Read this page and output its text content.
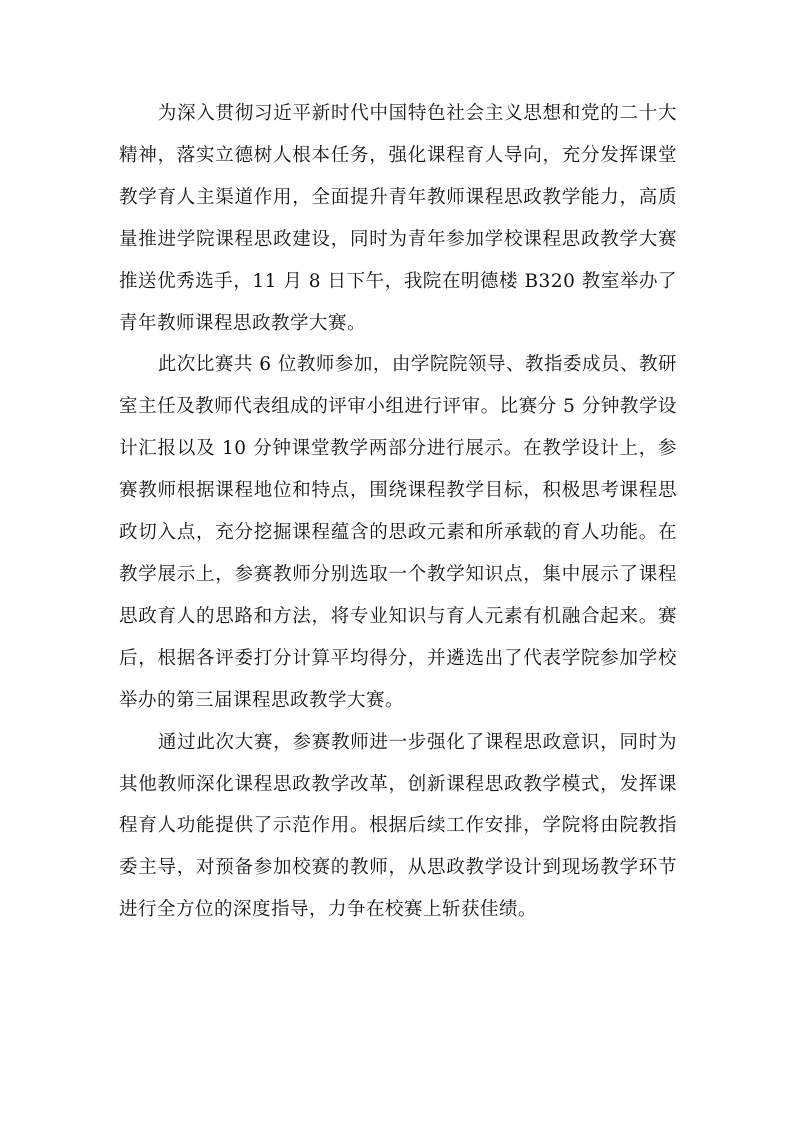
为深入贯彻习近平新时代中国特色社会主义思想和党的二十大精神，落实立德树人根本任务，强化课程育人导向，充分发挥课堂教学育人主渠道作用，全面提升青年教师课程思政教学能力，高质量推进学院课程思政建设，同时为青年参加学校课程思政教学大赛推送优秀选手，11 月 8 日下午，我院在明德楼 B320 教室举办了青年教师课程思政教学大赛。

此次比赛共 6 位教师参加，由学院院领导、教指委成员、教研室主任及教师代表组成的评审小组进行评审。比赛分 5 分钟教学设计汇报以及 10 分钟课堂教学两部分进行展示。在教学设计上，参赛教师根据课程地位和特点，围绕课程教学目标，积极思考课程思政切入点，充分挖掘课程蕴含的思政元素和所承载的育人功能。在教学展示上，参赛教师分别选取一个教学知识点，集中展示了课程思政育人的思路和方法，将专业知识与育人元素有机融合起来。赛后，根据各评委打分计算平均得分，并遴选出了代表学院参加学校举办的第三届课程思政教学大赛。

通过此次大赛，参赛教师进一步强化了课程思政意识，同时为其他教师深化课程思政教学改革，创新课程思政教学模式，发挥课程育人功能提供了示范作用。根据后续工作安排，学院将由院教指委主导，对预备参加校赛的教师，从思政教学设计到现场教学环节进行全方位的深度指导，力争在校赛上斩获佳绩。
